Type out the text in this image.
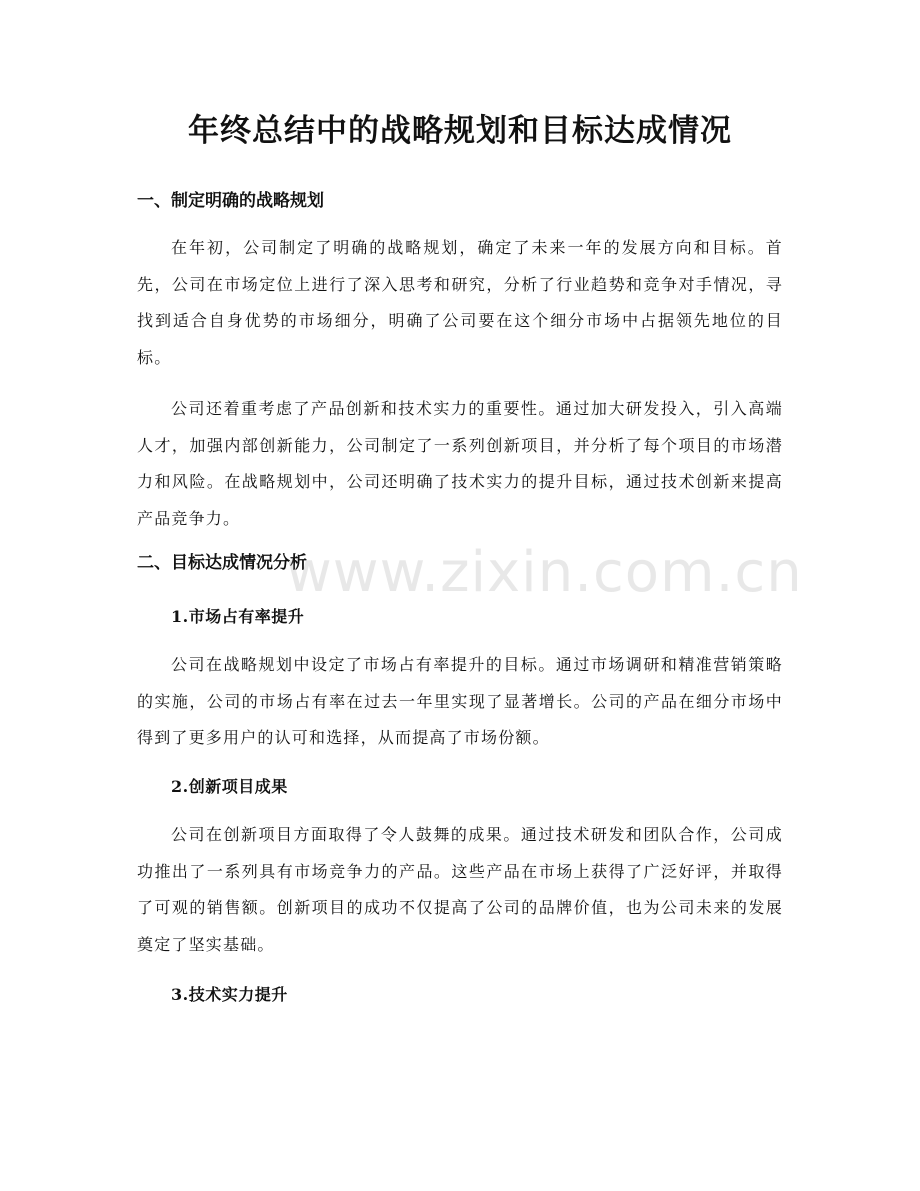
年终总结中的战略规划和目标达成情况
一、制定明确的战略规划

在年初，公司制定了明确的战略规划，确定了未来一年的发展方向和目标。首先，公司在市场定位上进行了深入思考和研究，分析了行业趋势和竞争对手情况，寻找到适合自身优势的市场细分，明确了公司要在这个细分市场中占据领先地位的目标。

公司还着重考虑了产品创新和技术实力的重要性。通过加大研发投入，引入高端人才，加强内部创新能力，公司制定了一系列创新项目，并分析了每个项目的市场潜力和风险。在战略规划中，公司还明确了技术实力的提升目标，通过技术创新来提高产品竞争力。

二、目标达成情况分析
1.市场占有率提升

公司在战略规划中设定了市场占有率提升的目标。通过市场调研和精准营销策略的实施，公司的市场占有率在过去一年里实现了显著增长。公司的产品在细分市场中得到了更多用户的认可和选择，从而提高了市场份额。

2.创新项目成果

公司在创新项目方面取得了令人鼓舞的成果。通过技术研发和团队合作，公司成功推出了一系列具有市场竞争力的产品。这些产品在市场上获得了广泛好评，并取得了可观的销售额。创新项目的成功不仅提高了公司的品牌价值，也为公司未来的发展奠定了坚实基础。

3.技术实力提升
www.zixin.com.cn
